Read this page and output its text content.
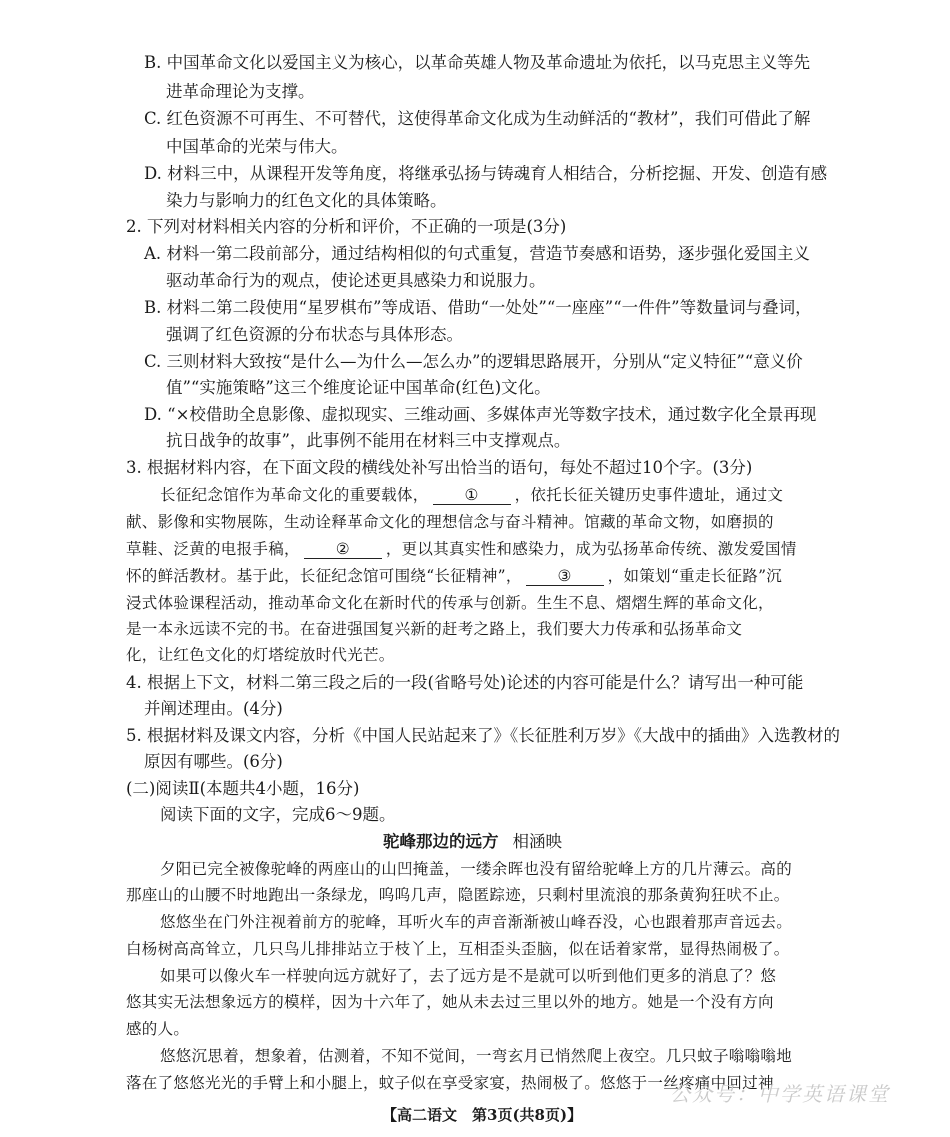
B. 中国革命文化以爱国主义为核心，以革命英雄人物及革命遗址为依托，以马克思主义等先
进革命理论为支撑。
C. 红色资源不可再生、不可替代，这使得革命文化成为生动鲜活的“教材”，我们可借此了解
中国革命的光荣与伟大。
D. 材料三中，从课程开发等角度，将继承弘扬与铸魂育人相结合，分析挖掘、开发、创造有感
染力与影响力的红色文化的具体策略。
2. 下列对材料相关内容的分析和评价，不正确的一项是(3分)
A. 材料一第二段前部分，通过结构相似的句式重复，营造节奏感和语势，逐步强化爱国主义
驱动革命行为的观点，使论述更具感染力和说服力。
B. 材料二第二段使用“星罗棋布”等成语、借助“一处处”“一座座”“一件件”等数量词与叠词，
强调了红色资源的分布状态与具体形态。
C. 三则材料大致按“是什么—为什么—怎么办”的逻辑思路展开，分别从“定义特征”“意义价
值”“实施策略”这三个维度论证中国革命(红色)文化。
D. “×校借助全息影像、虚拟现实、三维动画、多媒体声光等数字技术，通过数字化全景再现
抗日战争的故事”，此事例不能用在材料三中支撑观点。
3. 根据材料内容，在下面文段的横线处补写出恰当的语句，每处不超过10个字。(3分)
长征纪念馆作为革命文化的重要载体， ① ，依托长征关键历史事件遗址，通过文
献、影像和实物展陈，生动诠释革命文化的理想信念与奋斗精神。馆藏的革命文物，如磨损的
草鞋、泛黄的电报手稿， ② ，更以其真实性和感染力，成为弘扬革命传统、激发爱国情
怀的鲜活教材。基于此，长征纪念馆可围绕“长征精神”， ③ ，如策划“重走长征路”沉
浸式体验课程活动，推动革命文化在新时代的传承与创新。生生不息、熠熠生辉的革命文化，
是一本永远读不完的书。在奋进强国复兴新的赶考之路上，我们要大力传承和弘扬革命文
化，让红色文化的灯塔绽放时代光芒。
4. 根据上下文，材料二第三段之后的一段(省略号处)论述的内容可能是什么？请写出一种可能
并阐述理由。(4分)
5. 根据材料及课文内容，分析《中国人民站起来了》《长征胜利万岁》《大战中的插曲》入选教材的
原因有哪些。(6分)
(二)阅读Ⅱ(本题共4小题，16分)
阅读下面的文字，完成6～9题。
驼峰那边的远方 相涵映
夕阳已完全被像驼峰的两座山的山凹掩盖，一缕余晖也没有留给驼峰上方的几片薄云。高的
那座山的山腰不时地跑出一条绿龙，呜呜几声，隐匿踪迹，只剩村里流浪的那条黄狗狂吠不止。
悠悠坐在门外注视着前方的驼峰，耳听火车的声音渐渐被山峰吞没，心也跟着那声音远去。
白杨树高高耸立，几只鸟儿排排站立于枝丫上，互相歪头歪脑，似在话着家常，显得热闹极了。
如果可以像火车一样驶向远方就好了，去了远方是不是就可以听到他们更多的消息了？悠
悠其实无法想象远方的模样，因为十六年了，她从未去过三里以外的地方。她是一个没有方向
感的人。
悠悠沉思着，想象着，估测着，不知不觉间，一弯玄月已悄然爬上夜空。几只蚊子嗡嗡嗡地
落在了悠悠光光的手臂上和小腿上，蚊子似在享受家宴，热闹极了。悠悠于一丝疼痛中回过神
【高二语文　第3页(共8页)】
公众号：中学英语课堂
